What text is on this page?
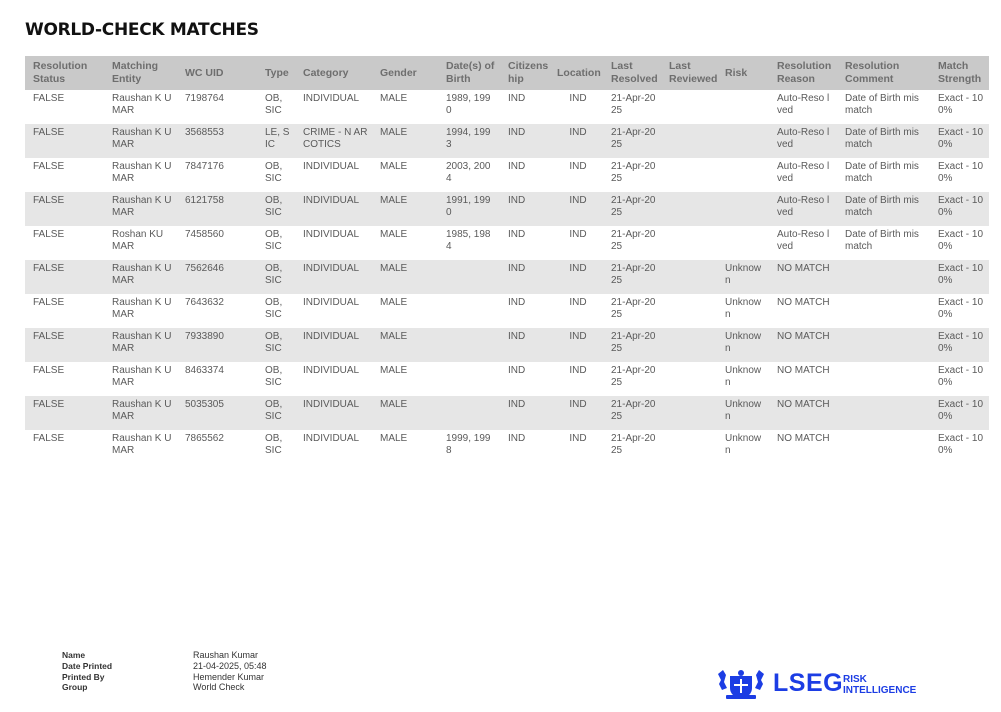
WORLD-CHECK MATCHES
Resolution Status	Matching Entity	WC UID	Type	Category	Gender	Date(s) of Birth	Citizens hip	Location	Last Resolved	Last Reviewed	Risk	Resolution Reason	Resolution Comment	Match Strength
FALSE	Raushan K UMAR	7198764	OB, SIC	INDIVIDUAL	MALE	1989, 1990	IND	IND	21-Apr-2025			Auto-Reso lved	Date of Birth mismatch	Exact - 100%
FALSE	Raushan K UMAR	3568553	LE, SIC	CRIME - N ARCOTICS	MALE	1994, 1993	IND	IND	21-Apr-2025			Auto-Reso lved	Date of Birth mismatch	Exact - 100%
FALSE	Raushan K UMAR	7847176	OB, SIC	INDIVIDUAL	MALE	2003, 2004	IND	IND	21-Apr-2025			Auto-Reso lved	Date of Birth mismatch	Exact - 100%
FALSE	Raushan K UMAR	6121758	OB, SIC	INDIVIDUAL	MALE	1991, 1990	IND	IND	21-Apr-2025			Auto-Reso lved	Date of Birth mismatch	Exact - 100%
FALSE	Roshan KU MAR	7458560	OB, SIC	INDIVIDUAL	MALE	1985, 1984	IND	IND	21-Apr-2025			Auto-Reso lved	Date of Birth mismatch	Exact - 100%
FALSE	Raushan K UMAR	7562646	OB, SIC	INDIVIDUAL	MALE		IND	IND	21-Apr-2025		Unknown	NO MATCH		Exact - 100%
FALSE	Raushan K UMAR	7643632	OB, SIC	INDIVIDUAL	MALE		IND	IND	21-Apr-2025		Unknown	NO MATCH		Exact - 100%
FALSE	Raushan K UMAR	7933890	OB, SIC	INDIVIDUAL	MALE		IND	IND	21-Apr-2025		Unknown	NO MATCH		Exact - 100%
FALSE	Raushan K UMAR	8463374	OB, SIC	INDIVIDUAL	MALE		IND	IND	21-Apr-2025		Unknown	NO MATCH		Exact - 100%
FALSE	Raushan K UMAR	5035305	OB, SIC	INDIVIDUAL	MALE		IND	IND	21-Apr-2025		Unknown	NO MATCH		Exact - 100%
FALSE	Raushan K UMAR	7865562	OB, SIC	INDIVIDUAL	MALE	1999, 1998	IND	IND	21-Apr-2025		Unknown	NO MATCH		Exact - 100%
Name	Raushan Kumar
Date Printed	21-04-2025, 05:48
Printed By	Hemender Kumar
Group	World Check	LSEG RISK
INTELLIGENCE
